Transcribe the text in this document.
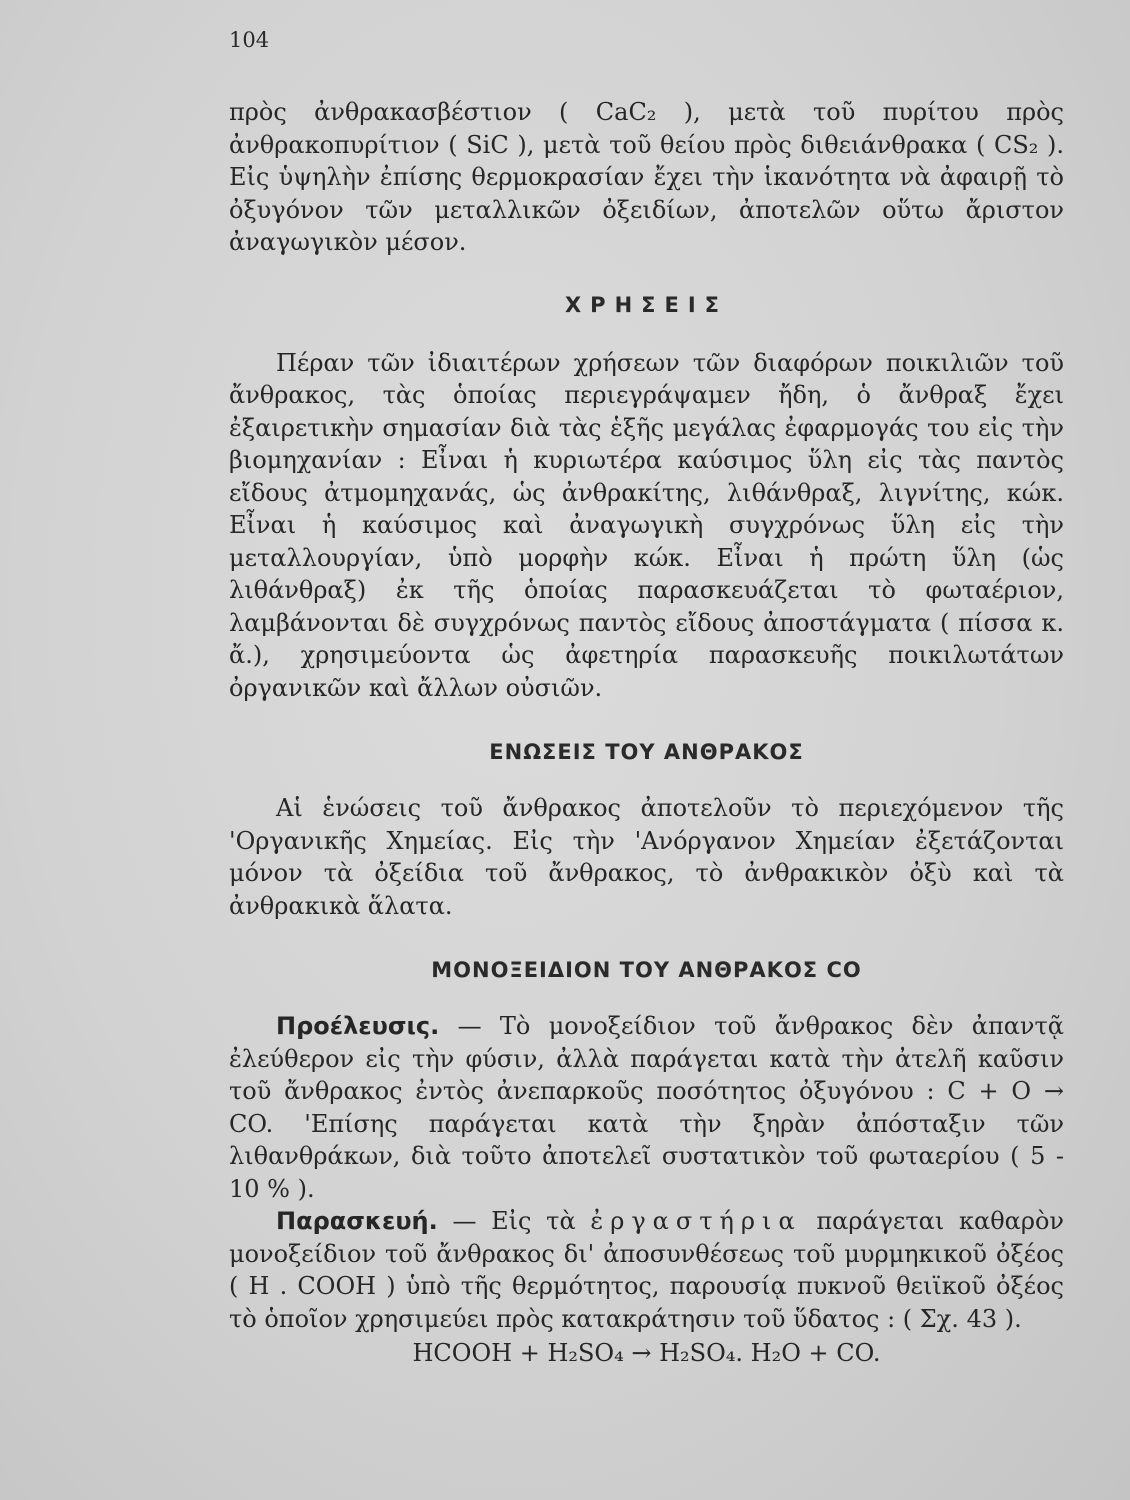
104

πρὸς ἀνθρακασβέστιον ( CaC₂ ), μετὰ τοῦ πυρίτου πρὸς ἀνθρακοπυρίτιον ( SiC ), μετὰ τοῦ θείου πρὸς διθειάνθρακα ( CS₂ ). Εἰς ὑψηλὴν ἐπίσης θερμοκρασίαν ἔχει τὴν ἱκανότητα νὰ ἀφαιρῇ τὸ ὀξυγόνον τῶν μεταλλικῶν ὀξειδίων, ἀποτελῶν οὕτω ἄριστον ἀναγωγικὸν μέσον.

ΧΡΗΣΕΙΣ

Πέραν τῶν ἰδιαιτέρων χρήσεων τῶν διαφόρων ποικιλιῶν τοῦ ἄνθρακος, τὰς ὁποίας περιεγράψαμεν ἤδη, ὁ ἄνθραξ ἔχει ἐξαιρετικὴν σημασίαν διὰ τὰς ἑξῆς μεγάλας ἐφαρμογάς του εἰς τὴν βιομηχανίαν : Εἶναι ἡ κυριωτέρα καύσιμος ὕλη εἰς τὰς παντὸς εἴδους ἀτμομηχανάς, ὡς ἀνθρακίτης, λιθάνθραξ, λιγνίτης, κώκ. Εἶναι ἡ καύσιμος καὶ ἀναγωγικὴ συγχρόνως ὕλη εἰς τὴν μεταλλουργίαν, ὑπὸ μορφὴν κώκ. Εἶναι ἡ πρώτη ὕλη (ὡς λιθάνθραξ) ἐκ τῆς ὁποίας παρασκευάζεται τὸ φωταέριον, λαμβάνονται δὲ συγχρόνως παντὸς εἴδους ἀποστάγματα ( πίσσα κ. ἄ.), χρησιμεύοντα ὡς ἀφετηρία παρασκευῆς ποικιλωτάτων ὀργανικῶν καὶ ἄλλων οὐσιῶν.

ΕΝΩΣΕΙΣ ΤΟΥ ΑΝΘΡΑΚΟΣ

Αἱ ἑνώσεις τοῦ ἄνθρακος ἀποτελοῦν τὸ περιεχόμενον τῆς 'Οργανικῆς Χημείας. Εἰς τὴν 'Ανόργανον Χημείαν ἐξετάζονται μόνον τὰ ὀξείδια τοῦ ἄνθρακος, τὸ ἀνθρακικὸν ὀξὺ καὶ τὰ ἀνθρακικὰ ἅλατα.

ΜΟΝΟΞΕΙΔΙΟΝ ΤΟΥ ΑΝΘΡΑΚΟΣ CO

Προέλευσις. — Τὸ μονοξείδιον τοῦ ἄνθρακος δὲν ἀπαντᾷ ἐλεύθερον εἰς τὴν φύσιν, ἀλλὰ παράγεται κατὰ τὴν ἀτελῆ καῦσιν τοῦ ἄνθρακος ἐντὸς ἀνεπαρκοῦς ποσότητος ὀξυγόνου : C + O → CO. 'Επίσης παράγεται κατὰ τὴν ξηρὰν ἀπόσταξιν τῶν λιθανθράκων, διὰ τοῦτο ἀποτελεῖ συστατικὸν τοῦ φωταερίου ( 5 - 10 % ).

Παρασκευή. — Εἰς τὰ ἐργαστήρια παράγεται καθαρὸν μονοξείδιον τοῦ ἄνθρακος δι' ἀποσυνθέσεως τοῦ μυρμηκικοῦ ὀξέος ( H . COOH ) ὑπὸ τῆς θερμότητος, παρουσίᾳ πυκνοῦ θειϊκοῦ ὀξέος τὸ ὁποῖον χρησιμεύει πρὸς κατακράτησιν τοῦ ὕδατος : ( Σχ. 43 ).

HCOOH + H₂SO₄ → H₂SO₄. H₂O + CO.
